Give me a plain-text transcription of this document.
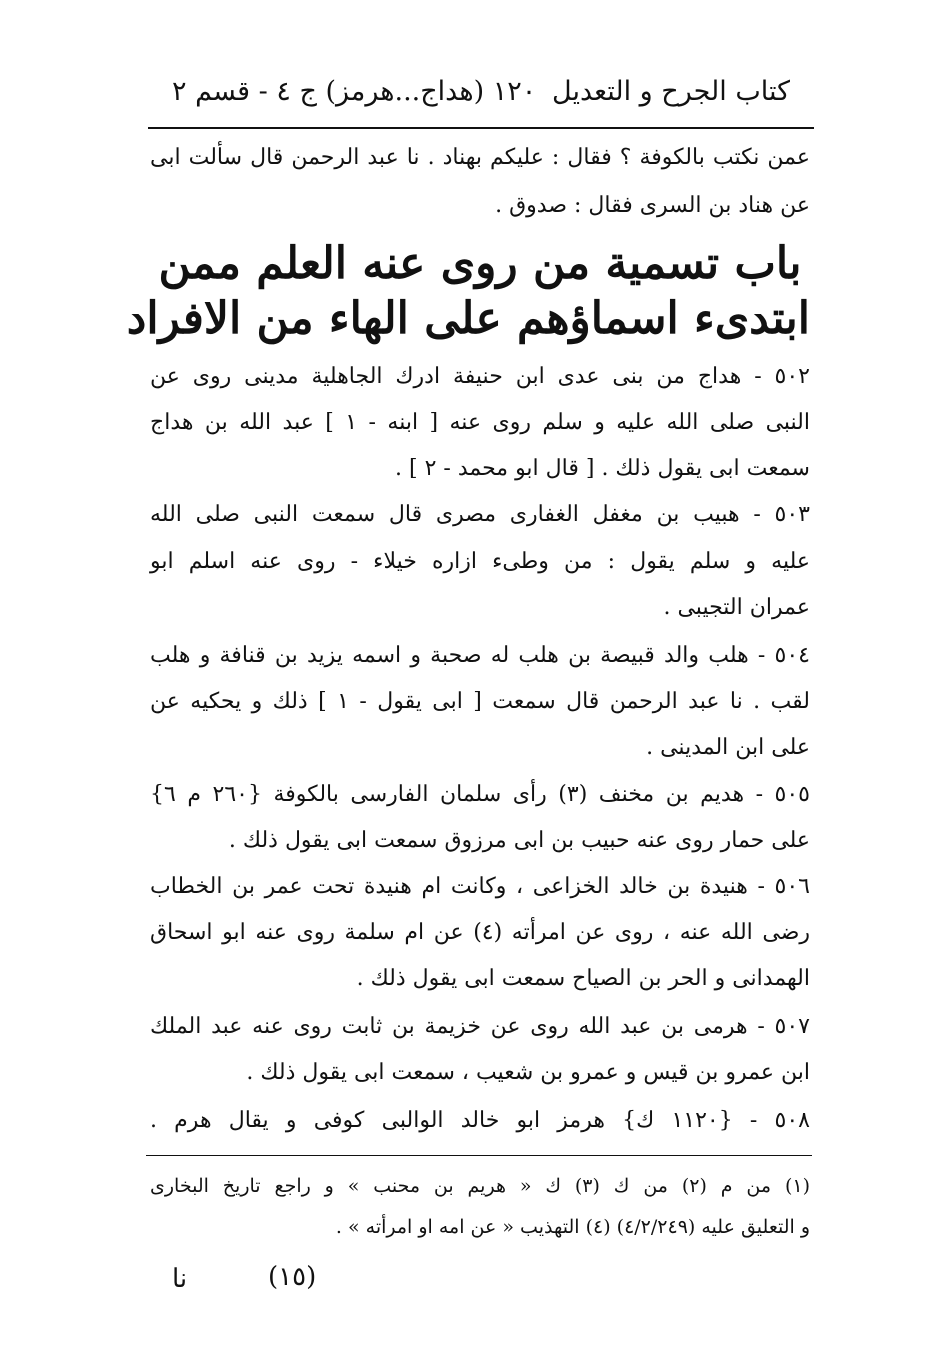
كتاب الجرح و التعديل
١٢٠ (هداج...هرمز) ج ٤ - قسم ٢
عمن نكتب بالكوفة ؟ فقال : عليكم بهناد . نا عبد الرحمن قال سألت ابى
عن هناد بن السرى فقال : صدوق .
باب تسمية من روى عنه العلم ممن
ابتدىء اسماؤهم على الهاء من الافراد
٥٠٢ - هداج من بنى عدى ابن حنيفة ادرك الجاهلية مدينى روى عن
النبى صلى الله عليه و سلم روى عنه [ ابنه - ١ ] عبد الله بن هداج
سمعت ابى يقول ذلك . [ قال ابو محمد - ٢ ] .
٥٠٣ - هبيب بن مغفل الغفارى مصرى قال سمعت النبى صلى الله
عليه و سلم يقول : من وطىء ازاره خيلاء - روى عنه اسلم ابو
عمران التجيبى .
٥٠٤ - هلب والد قبيصة بن هلب له صحبة و اسمه يزيد بن قنافة و هلب
لقب . نا عبد الرحمن قال سمعت [ ابى يقول - ١ ] ذلك و يحكيه عن
على ابن المدينى .
٥٠٥ - هديم بن مخنف (٣) رأى سلمان الفارسى بالكوفة {٢٦٠ م ٦}
على حمار روى عنه حبيب بن ابى مرزوق سمعت ابى يقول ذلك .
٥٠٦ - هنيدة بن خالد الخزاعى ، وكانت ام هنيدة تحت عمر بن الخطاب
رضى الله عنه ، روى عن امرأته (٤) عن ام سلمة روى عنه ابو اسحاق
الهمدانى و الحر بن الصياح سمعت ابى يقول ذلك .
٥٠٧ - هرمى بن عبد الله روى عن خزيمة بن ثابت روى عنه عبد الملك
ابن عمرو بن قيس و عمرو بن شعيب ، سمعت ابى يقول ذلك .
٥٠٨ - {١١٢٠ ك} هرمز ابو خالد الوالبى كوفى و يقال هرم .
(١) من م (٢) من ك (٣) ك « هريم بن محنب » و راجع تاريخ البخارى
و التعليق عليه (٤/٢/٢٤٩) (٤) التهذيب « عن امه او امرأته » .
(١٥)
نا
